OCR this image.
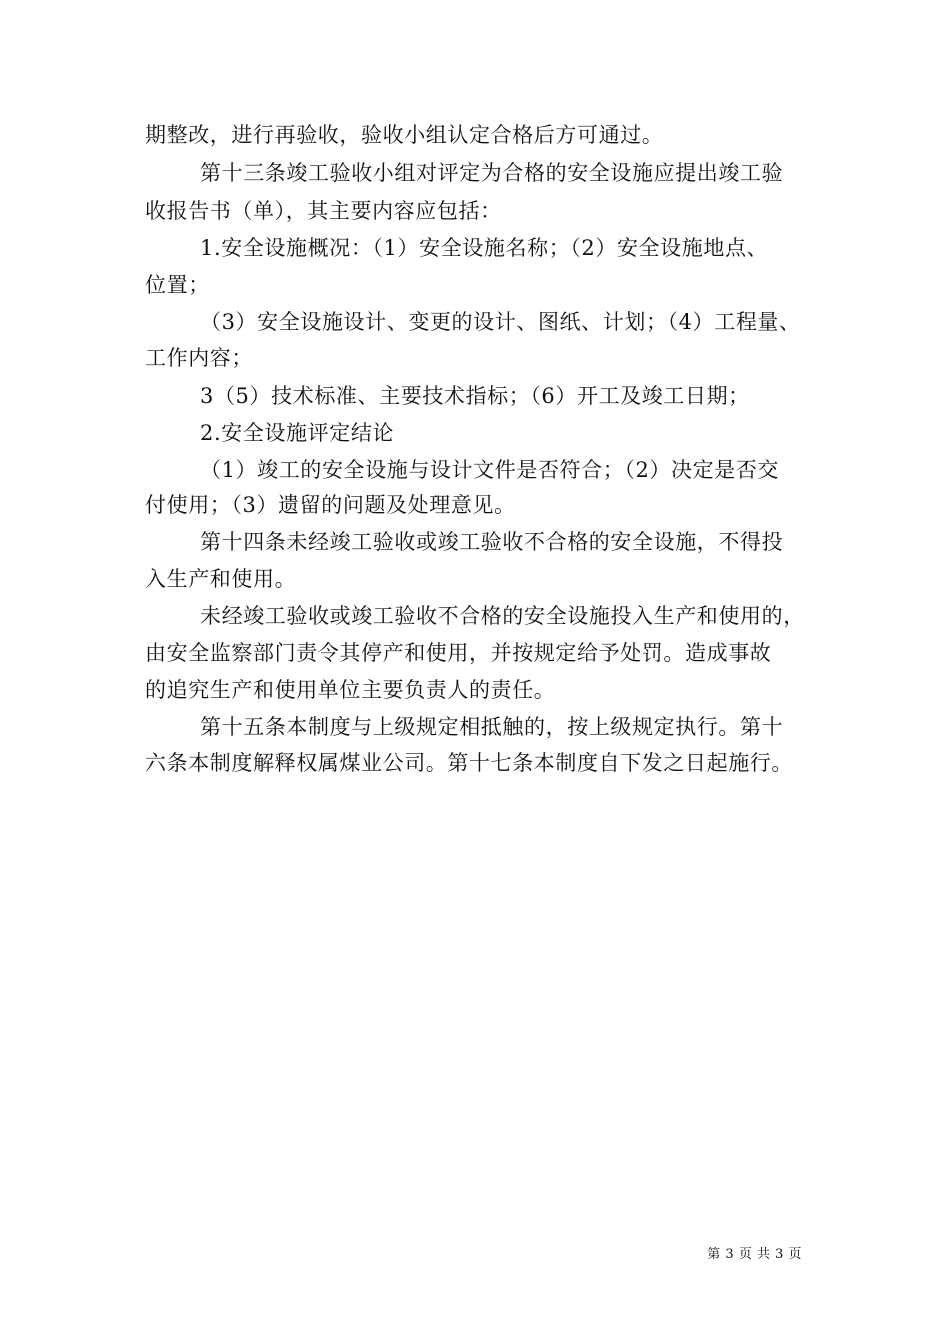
期整改，进行再验收，验收小组认定合格后方可通过。
第十三条竣工验收小组对评定为合格的安全设施应提出竣工验
收报告书（单），其主要内容应包括：
1.安全设施概况：（1）安全设施名称；（2）安全设施地点、
位置；
（3）安全设施设计、变更的设计、图纸、计划；（4）工程量、
工作内容；
3（5）技术标准、主要技术指标；（6）开工及竣工日期；
2.安全设施评定结论
（1）竣工的安全设施与设计文件是否符合；（2）决定是否交
付使用；（3）遗留的问题及处理意见。
第十四条未经竣工验收或竣工验收不合格的安全设施，不得投
入生产和使用。
未经竣工验收或竣工验收不合格的安全设施投入生产和使用的，
由安全监察部门责令其停产和使用，并按规定给予处罚。造成事故
的追究生产和使用单位主要负责人的责任。
第十五条本制度与上级规定相抵触的，按上级规定执行。第十
六条本制度解释权属煤业公司。第十七条本制度自下发之日起施行。
第 3 页 共 3 页
